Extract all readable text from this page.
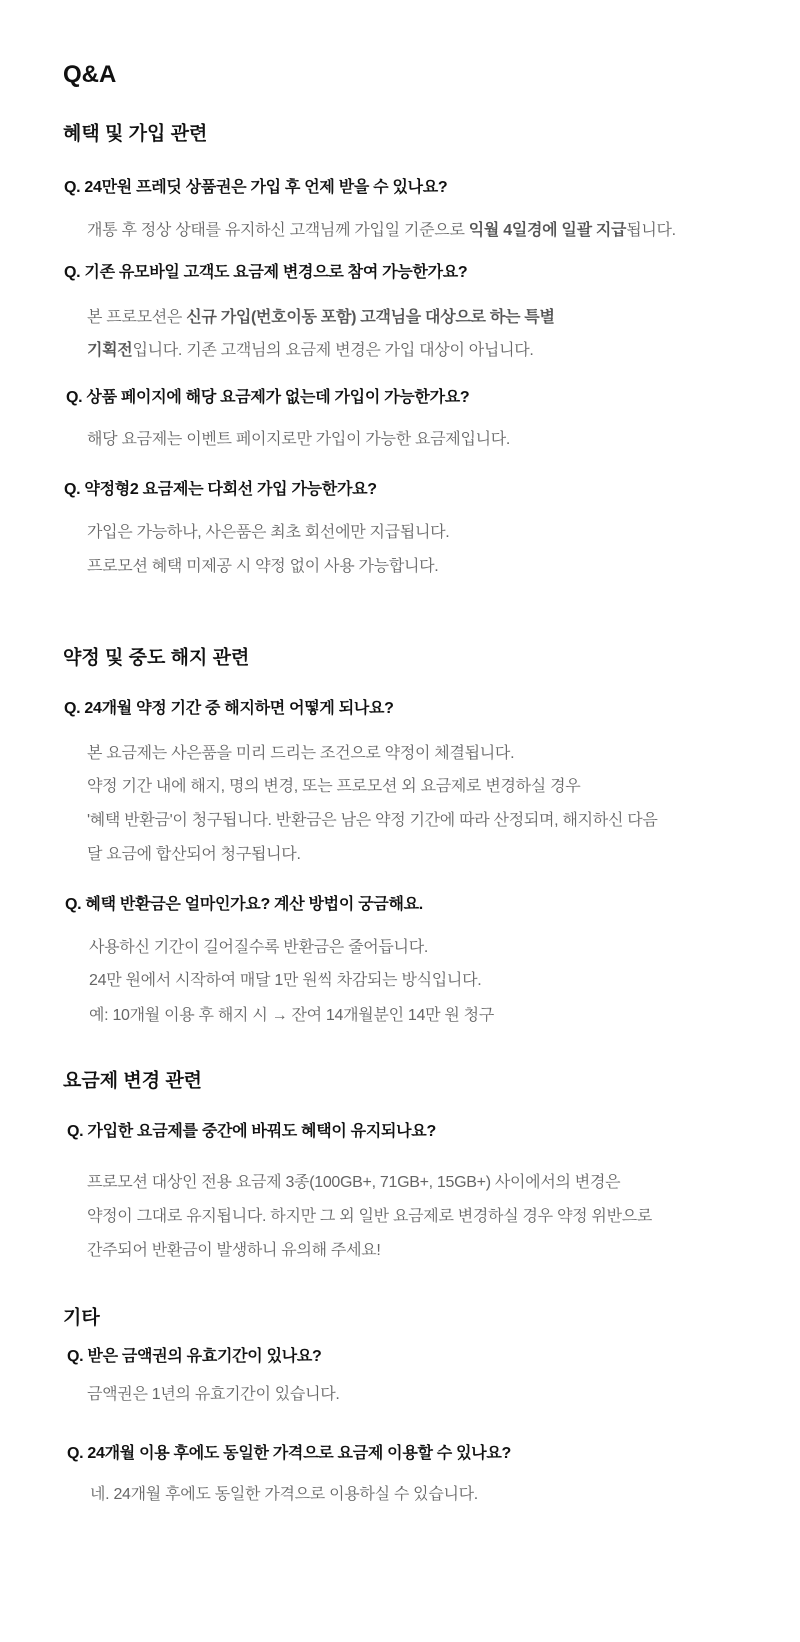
Q&A
혜택 및 가입 관련
Q. 24만원 프레딧 상품권은 가입 후 언제 받을 수 있나요?
개통 후 정상 상태를 유지하신 고객님께 가입일 기준으로 익월 4일경에 일괄 지급됩니다.
Q. 기존 유모바일 고객도 요금제 변경으로 참여 가능한가요?
본 프로모션은 신규 가입(번호이동 포함) 고객님을 대상으로 하는 특별
기획전입니다. 기존 고객님의 요금제 변경은 가입 대상이 아닙니다.
Q. 상품 페이지에 해당 요금제가 없는데 가입이 가능한가요?
해당 요금제는 이벤트 페이지로만 가입이 가능한 요금제입니다.
Q. 약정형2 요금제는 다회선 가입 가능한가요?
가입은 가능하나, 사은품은 최초 회선에만 지급됩니다.
프로모션 혜택 미제공 시 약정 없이 사용 가능합니다.
약정 및 중도 해지 관련
Q. 24개월 약정 기간 중 해지하면 어떻게 되나요?
본 요금제는 사은품을 미리 드리는 조건으로 약정이 체결됩니다.
약정 기간 내에 해지, 명의 변경, 또는 프로모션 외 요금제로 변경하실 경우
'혜택 반환금'이 청구됩니다. 반환금은 남은 약정 기간에 따라 산정되며, 해지하신 다음
달 요금에 합산되어 청구됩니다.
Q. 혜택 반환금은 얼마인가요? 계산 방법이 궁금해요.
사용하신 기간이 길어질수록 반환금은 줄어듭니다.
24만 원에서 시작하여 매달 1만 원씩 차감되는 방식입니다.
예: 10개월 이용 후 해지 시 → 잔여 14개월분인 14만 원 청구
요금제 변경 관련
Q. 가입한 요금제를 중간에 바꿔도 혜택이 유지되나요?
프로모션 대상인 전용 요금제 3종(100GB+, 71GB+, 15GB+) 사이에서의 변경은
약정이 그대로 유지됩니다. 하지만 그 외 일반 요금제로 변경하실 경우 약정 위반으로
간주되어 반환금이 발생하니 유의해 주세요!
기타
Q. 받은 금액권의 유효기간이 있나요?
금액권은 1년의 유효기간이 있습니다.
Q. 24개월 이용 후에도 동일한 가격으로 요금제 이용할 수 있나요?
네. 24개월 후에도 동일한 가격으로 이용하실 수 있습니다.
